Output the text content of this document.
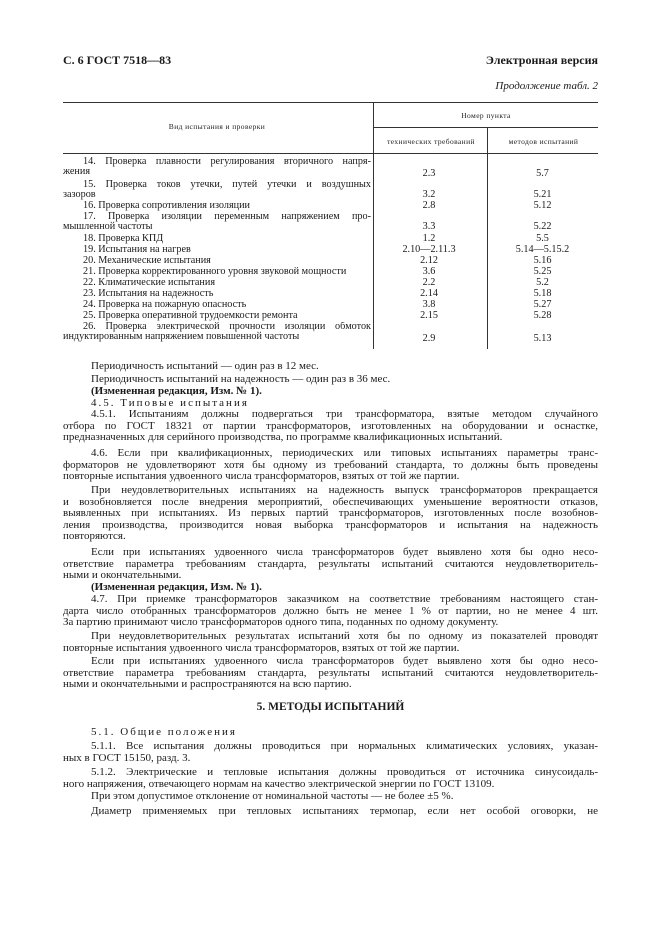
С. 6 ГОСТ 7518—83	Электронная версия
Продолжение табл. 2
Вид испытания и проверки
Номер пункта
технических требований	методов испытаний
14. Проверка плавности регулирования вторичного напря-
жения	2.3	5.7
15. Проверка токов утечки, путей утечки и воздушных
зазоров	3.2	5.21
16. Проверка сопротивления изоляции	2.8	5.12
17. Проверка изоляции переменным напряжением про-
мышленной частоты	3.3	5.22
18. Проверка КПД	1.2	5.5
19. Испытания на нагрев	2.10—2.11.3	5.14—5.15.2
20. Механические испытания	2.12	5.16
21. Проверка корректированного уровня звуковой мощности	3.6	5.25
22. Климатические испытания	2.2	5.2
23. Испытания на надежность	2.14	5.18
24. Проверка на пожарную опасность	3.8	5.27
25. Проверка оперативной трудоемкости ремонта	2.15	5.28
26. Проверка электрической прочности изоляции обмоток
индуктированным напряжением повышенной частоты	2.9	5.13
Периодичность испытаний — один раз в 12 мес.
Периодичность испытаний на надежность — один раз в 36 мес.
(Измененная редакция, Изм. № 1).
4.5. Типовые испытания
4.5.1. Испытаниям должны подвергаться три трансформатора, взятые методом случайного
отбора по ГОСТ 18321 от партии трансформаторов, изготовленных на оборудовании и оснастке,
предназначенных для серийного производства, по программе квалификационных испытаний.
4.6. Если при квалификационных, периодических или типовых испытаниях параметры транс-
форматоров не удовлетворяют хотя бы одному из требований стандарта, то должны быть проведены
повторные испытания удвоенного числа трансформаторов, взятых от той же партии.
При неудовлетворительных испытаниях на надежность выпуск трансформаторов прекращается
и возобновляется после внедрения мероприятий, обеспечивающих уменьшение вероятности отказов,
выявленных при испытаниях. Из первых партий трансформаторов, изготовленных после возобнов-
ления производства, производится новая выборка трансформаторов и испытания на надежность
повторяются.
Если при испытаниях удвоенного числа трансформаторов будет выявлено хотя бы одно несо-
ответствие параметра требованиям стандарта, результаты испытаний считаются неудовлетворитель-
ными и окончательными.
(Измененная редакция, Изм. № 1).
4.7. При приемке трансформаторов заказчиком на соответствие требованиям настоящего стан-
дарта число отобранных трансформаторов должно быть не менее 1 % от партии, но не менее 4 шт.
За партию принимают число трансформаторов одного типа, поданных по одному документу.
При неудовлетворительных результатах испытаний хотя бы по одному из показателей проводят
повторные испытания удвоенного числа трансформаторов, взятых от той же партии.
Если при испытаниях удвоенного числа трансформаторов будет выявлено хотя бы одно несо-
ответствие параметра требованиям стандарта, результаты испытаний считаются неудовлетворитель-
ными и окончательными и распространяются на всю партию.
5. МЕТОДЫ ИСПЫТАНИЙ
5.1. Общие положения
5.1.1. Все испытания должны проводиться при нормальных климатических условиях, указан-
ных в ГОСТ 15150, разд. 3.
5.1.2. Электрические и тепловые испытания должны проводиться от источника синусоидаль-
ного напряжения, отвечающего нормам на качество электрической энергии по ГОСТ 13109.
При этом допустимое отклонение от номинальной частоты — не более ±5 %.
Диаметр применяемых при тепловых испытаниях термопар, если нет особой оговорки, не
